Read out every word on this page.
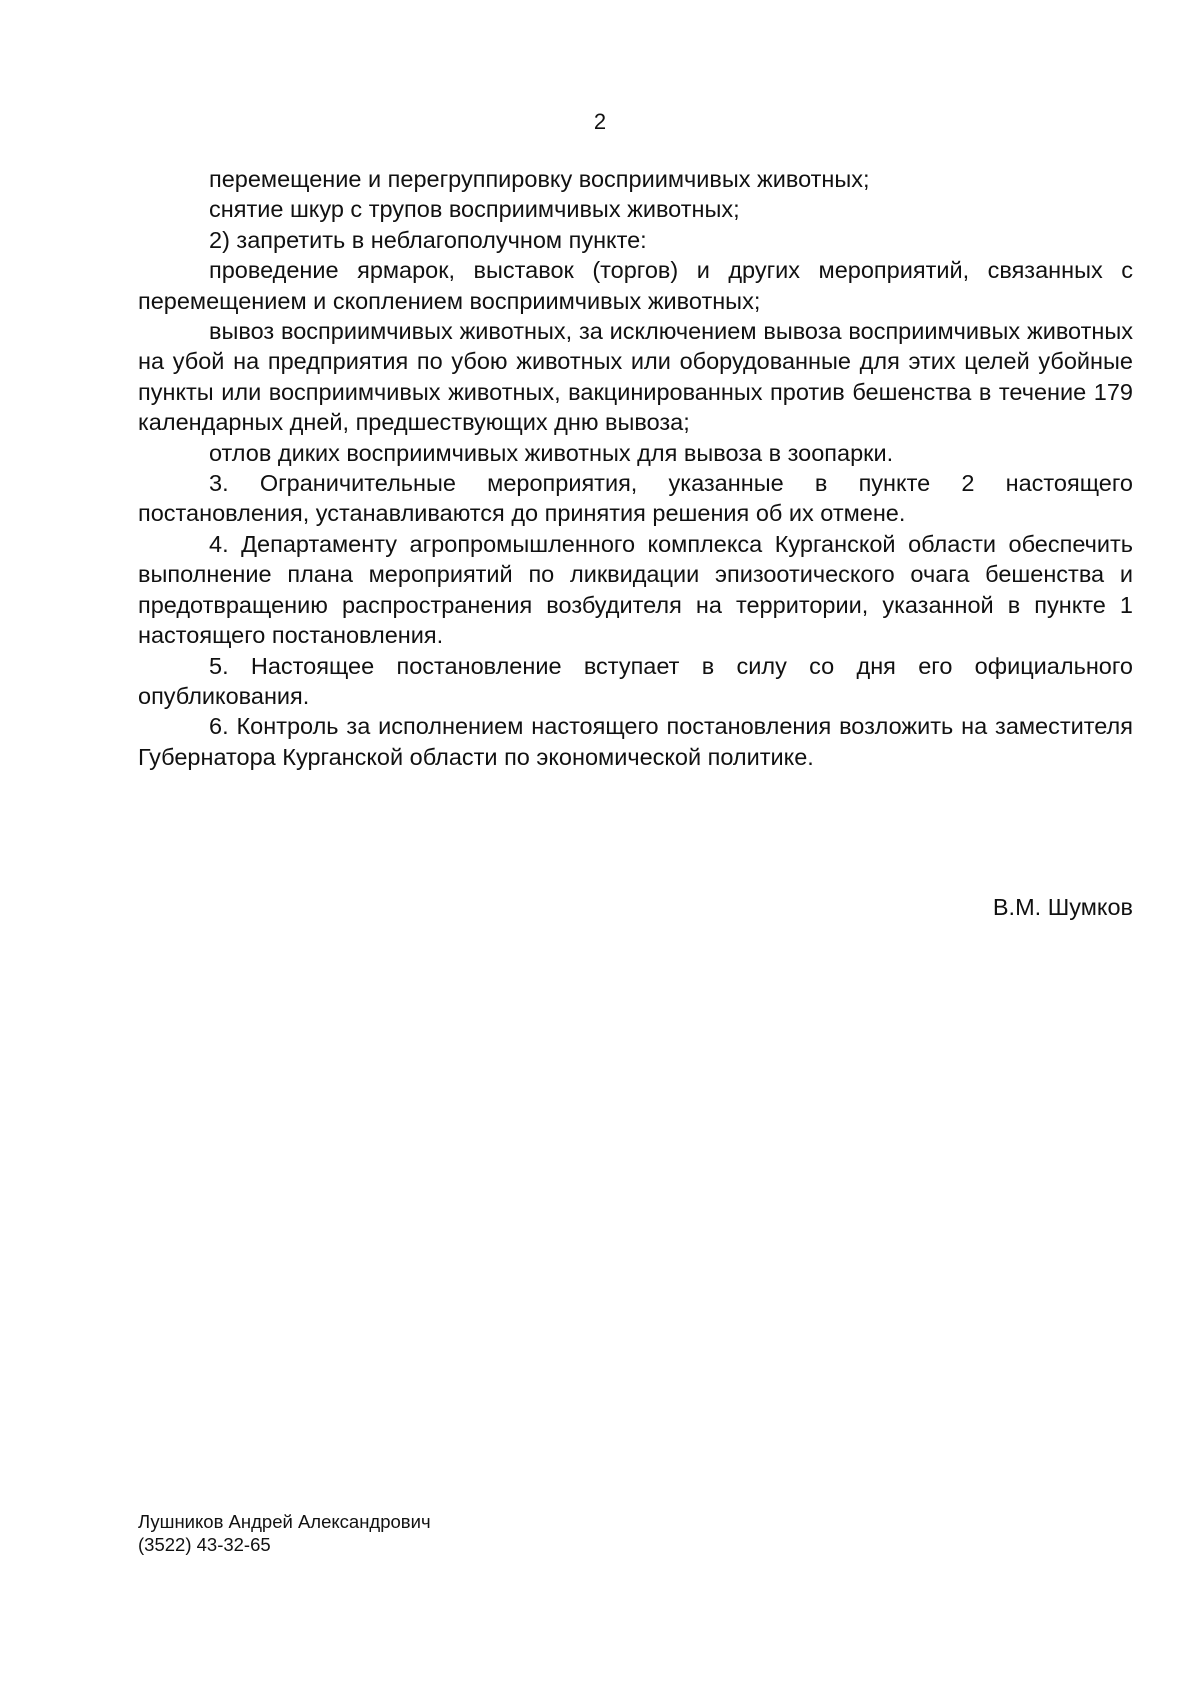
2

перемещение и перегруппировку восприимчивых животных;

снятие шкур с трупов восприимчивых животных;

2) запретить в неблагополучном пункте:

проведение ярмарок, выставок (торгов) и других мероприятий, связанных с перемещением и скоплением восприимчивых животных;

вывоз восприимчивых животных, за исключением вывоза восприимчивых животных на убой на предприятия по убою животных или оборудованные для этих целей убойные пункты или восприимчивых животных, вакцинированных против бешенства в течение 179 календарных дней, предшествующих дню вывоза;

отлов диких восприимчивых животных для вывоза в зоопарки.

3. Ограничительные мероприятия, указанные в пункте 2 настоящего постановления, устанавливаются до принятия решения об их отмене.

4. Департаменту агропромышленного комплекса Курганской области обеспечить выполнение плана мероприятий по ликвидации эпизоотического очага бешенства и предотвращению распространения возбудителя на территории, указанной в пункте 1 настоящего постановления.

5. Настоящее постановление вступает в силу со дня его официального опубликования.

6. Контроль за исполнением настоящего постановления возложить на заместителя Губернатора Курганской области по экономической политике.

В.М. Шумков
Лушников Андрей Александрович
(3522) 43-32-65
